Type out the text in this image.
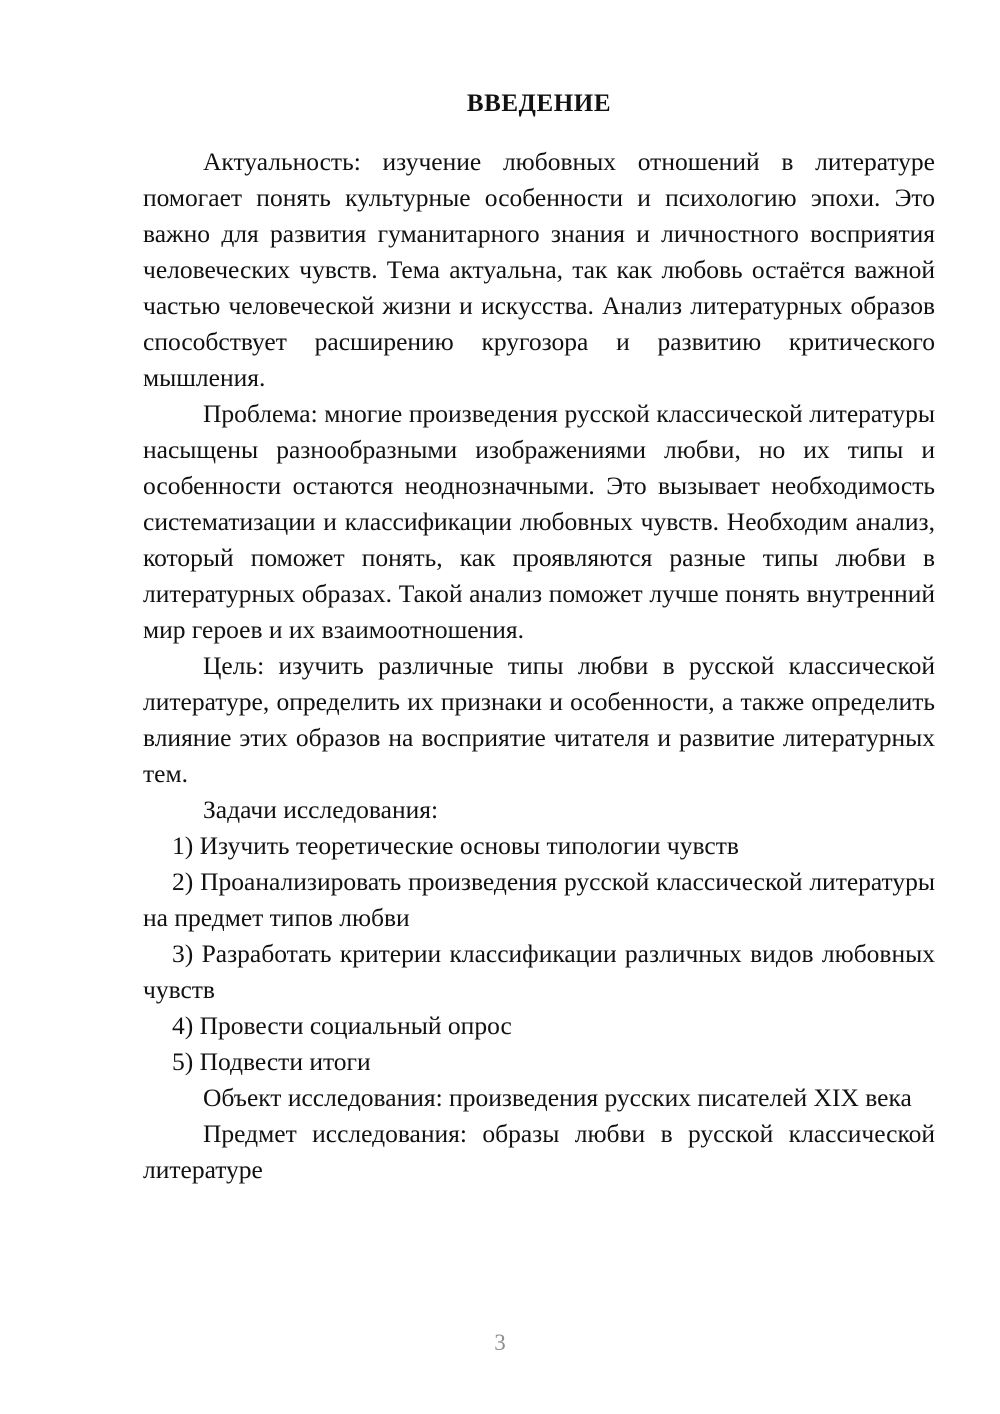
ВВЕДЕНИЕ

Актуальность: изучение любовных отношений в литературе помогает понять культурные особенности и психологию эпохи. Это важно для развития гуманитарного знания и личностного восприятия человеческих чувств. Тема актуальна, так как любовь остаётся важной частью человеческой жизни и искусства. Анализ литературных образов способствует расширению кругозора и развитию критического мышления.

Проблема: многие произведения русской классической литературы насыщены разнообразными изображениями любви, но их типы и особенности остаются неоднозначными. Это вызывает необходимость систематизации и классификации любовных чувств. Необходим анализ, который поможет понять, как проявляются разные типы любви в литературных образах. Такой анализ поможет лучше понять внутренний мир героев и их взаимоотношения.

Цель: изучить различные типы любви в русской классической литературе, определить их признаки и особенности, а также определить влияние этих образов на восприятие читателя и развитие литературных тем.

Задачи исследования:

1) Изучить теоретические основы типологии чувств

2) Проанализировать произведения русской классической литературы на предмет типов любви

3) Разработать критерии классификации различных видов любовных чувств

4) Провести социальный опрос

5) Подвести итоги

Объект исследования: произведения русских писателей XIX века

Предмет исследования: образы любви в русской классической литературе

3
